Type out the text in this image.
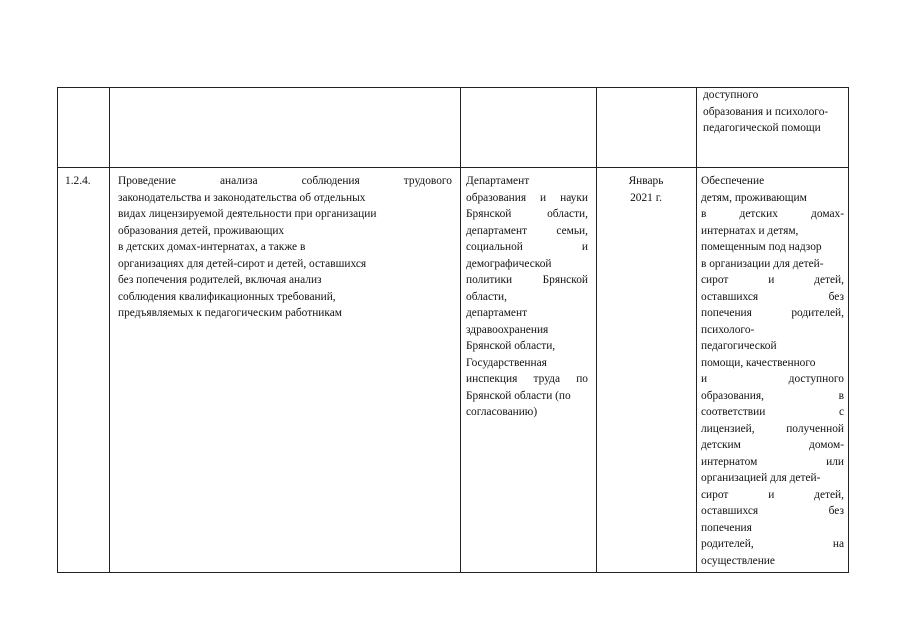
доступного
образования и психолого-
педагогической помощи
1.2.4. Проведение анализа соблюдения трудового
законодательства и законодательства об отдельных
видах лицензируемой деятельности при организации
образования детей, проживающих
в детских домах-интернатах, а также в
организациях для детей-сирот и детей, оставшихся
без попечения родителей, включая анализ
соблюдения квалификационных требований,
предъявляемых к педагогическим работникам
Департамент
образования и науки
Брянской области,
департамент семьи,
социальной и
демографической
политики Брянской
области,
департамент
здравоохранения
Брянской области,
Государственная
инспекция труда по
Брянской области (по
согласованию)
Январь
2021 г.
Обеспечение
детям, проживающим
в детских домах-
интернатах и детям,
помещенным под надзор
в организации для детей-
сирот и детей,
оставшихся без
попечения родителей,
психолого-
педагогической
помощи, качественного
и доступного
образования, в
соответствии с
лицензией, полученной
детским домом-
интернатом или
организацией для детей-
сирот и детей,
оставшихся без
попечения
родителей, на
осуществление
